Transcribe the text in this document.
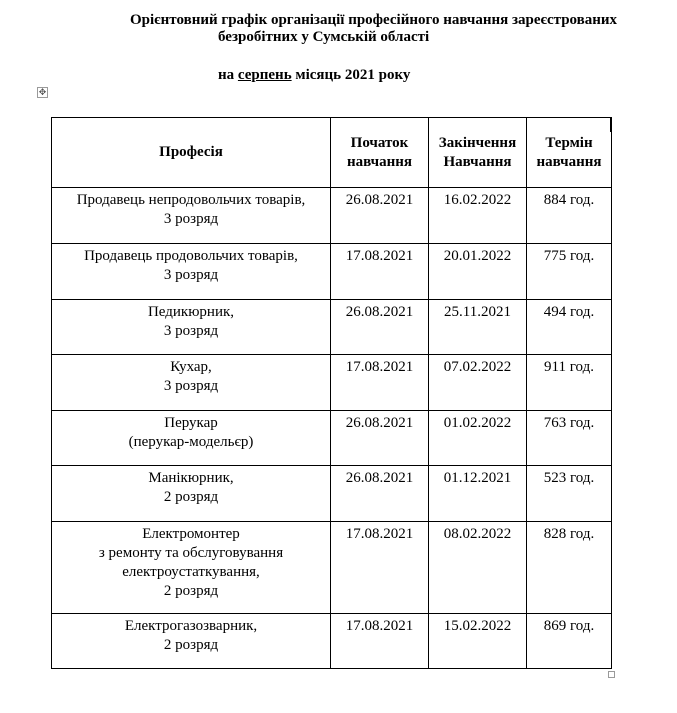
Орієнтовний графік організації професійного навчання зареєстрованих
безробітних у Сумській області
на серпень місяць 2021 року
✥
Професія	Початок навчання	Закінчення Навчання	Термін навчання

Продавець непродовольчих товарів,
3 розряд	26.08.2021	16.02.2022	884 год.

Продавець продовольчих товарів,
3 розряд	17.08.2021	20.01.2022	775 год.

Педикюрник,
3 розряд	26.08.2021	25.11.2021	494 год.

Кухар,
3 розряд	17.08.2021	07.02.2022	911 год.

Перукар
(перукар-модельєр)	26.08.2021	01.02.2022	763 год.

Манікюрник,
2 розряд	26.08.2021	01.12.2021	523 год.

Електромонтер
з ремонту та обслуговування
електроустаткування,
2 розряд	17.08.2021	08.02.2022	828 год.

Електрогазозварник,
2 розряд	17.08.2021	15.02.2022	869 год.
